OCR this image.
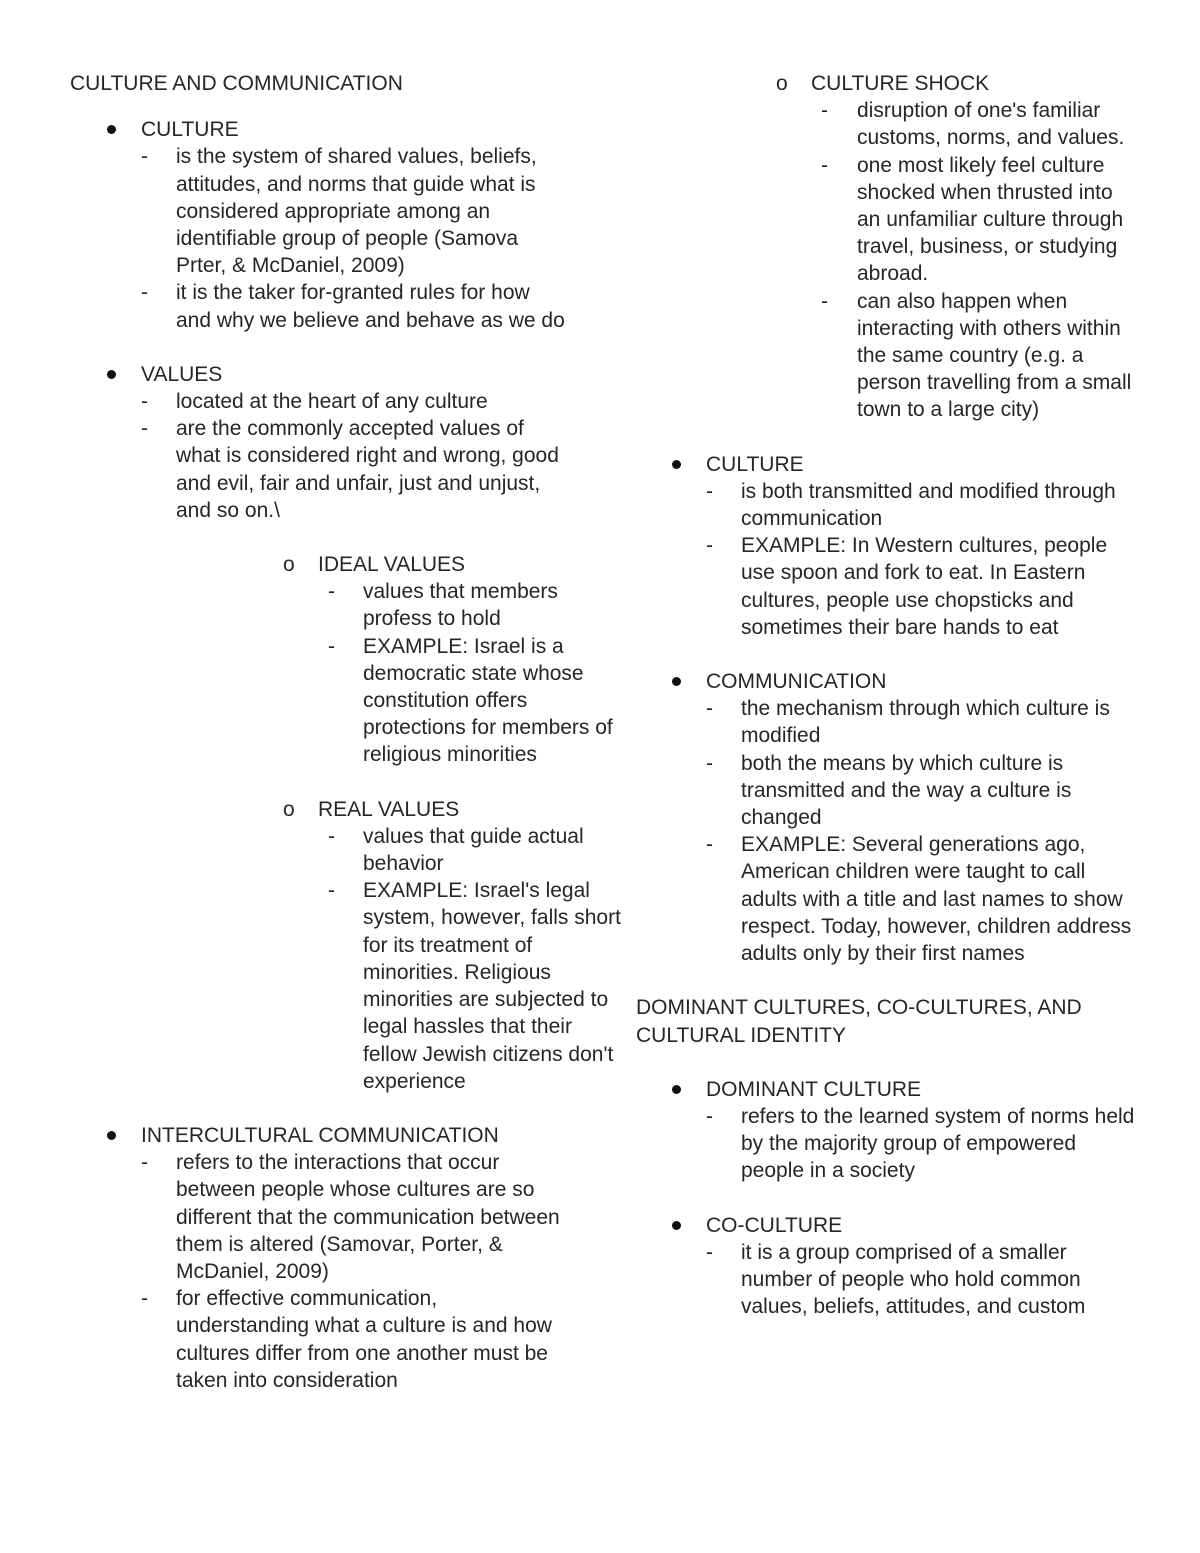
CULTURE AND COMMUNICATION
CULTURE
- is the system of shared values, beliefs, attitudes, and norms that guide what is considered appropriate among an identifiable group of people (Samova Prter, & McDaniel, 2009)
- it is the taker for-granted rules for how and why we believe and behave as we do
VALUES
- located at the heart of any culture
- are the commonly accepted values of what is considered right and wrong, good and evil, fair and unfair, just and unjust, and so on.\
o IDEAL VALUES
- values that members profess to hold
- EXAMPLE: Israel is a democratic state whose constitution offers protections for members of religious minorities
o REAL VALUES
- values that guide actual behavior
- EXAMPLE: Israel's legal system, however, falls short for its treatment of minorities. Religious minorities are subjected to legal hassles that their fellow Jewish citizens don't experience
INTERCULTURAL COMMUNICATION
- refers to the interactions that occur between people whose cultures are so different that the communication between them is altered (Samovar, Porter, & McDaniel, 2009)
- for effective communication, understanding what a culture is and how cultures differ from one another must be taken into consideration
o CULTURE SHOCK
- disruption of one's familiar customs, norms, and values.
- one most likely feel culture shocked when thrusted into an unfamiliar culture through travel, business, or studying abroad.
- can also happen when interacting with others within the same country (e.g. a person travelling from a small town to a large city)
CULTURE
- is both transmitted and modified through communication
- EXAMPLE: In Western cultures, people use spoon and fork to eat. In Eastern cultures, people use chopsticks and sometimes their bare hands to eat
COMMUNICATION
- the mechanism through which culture is modified
- both the means by which culture is transmitted and the way a culture is changed
- EXAMPLE: Several generations ago, American children were taught to call adults with a title and last names to show respect. Today, however, children address adults only by their first names
DOMINANT CULTURES, CO-CULTURES, AND CULTURAL IDENTITY
DOMINANT CULTURE
- refers to the learned system of norms held by the majority group of empowered people in a society
CO-CULTURE
- it is a group comprised of a smaller number of people who hold common values, beliefs, attitudes, and custom
